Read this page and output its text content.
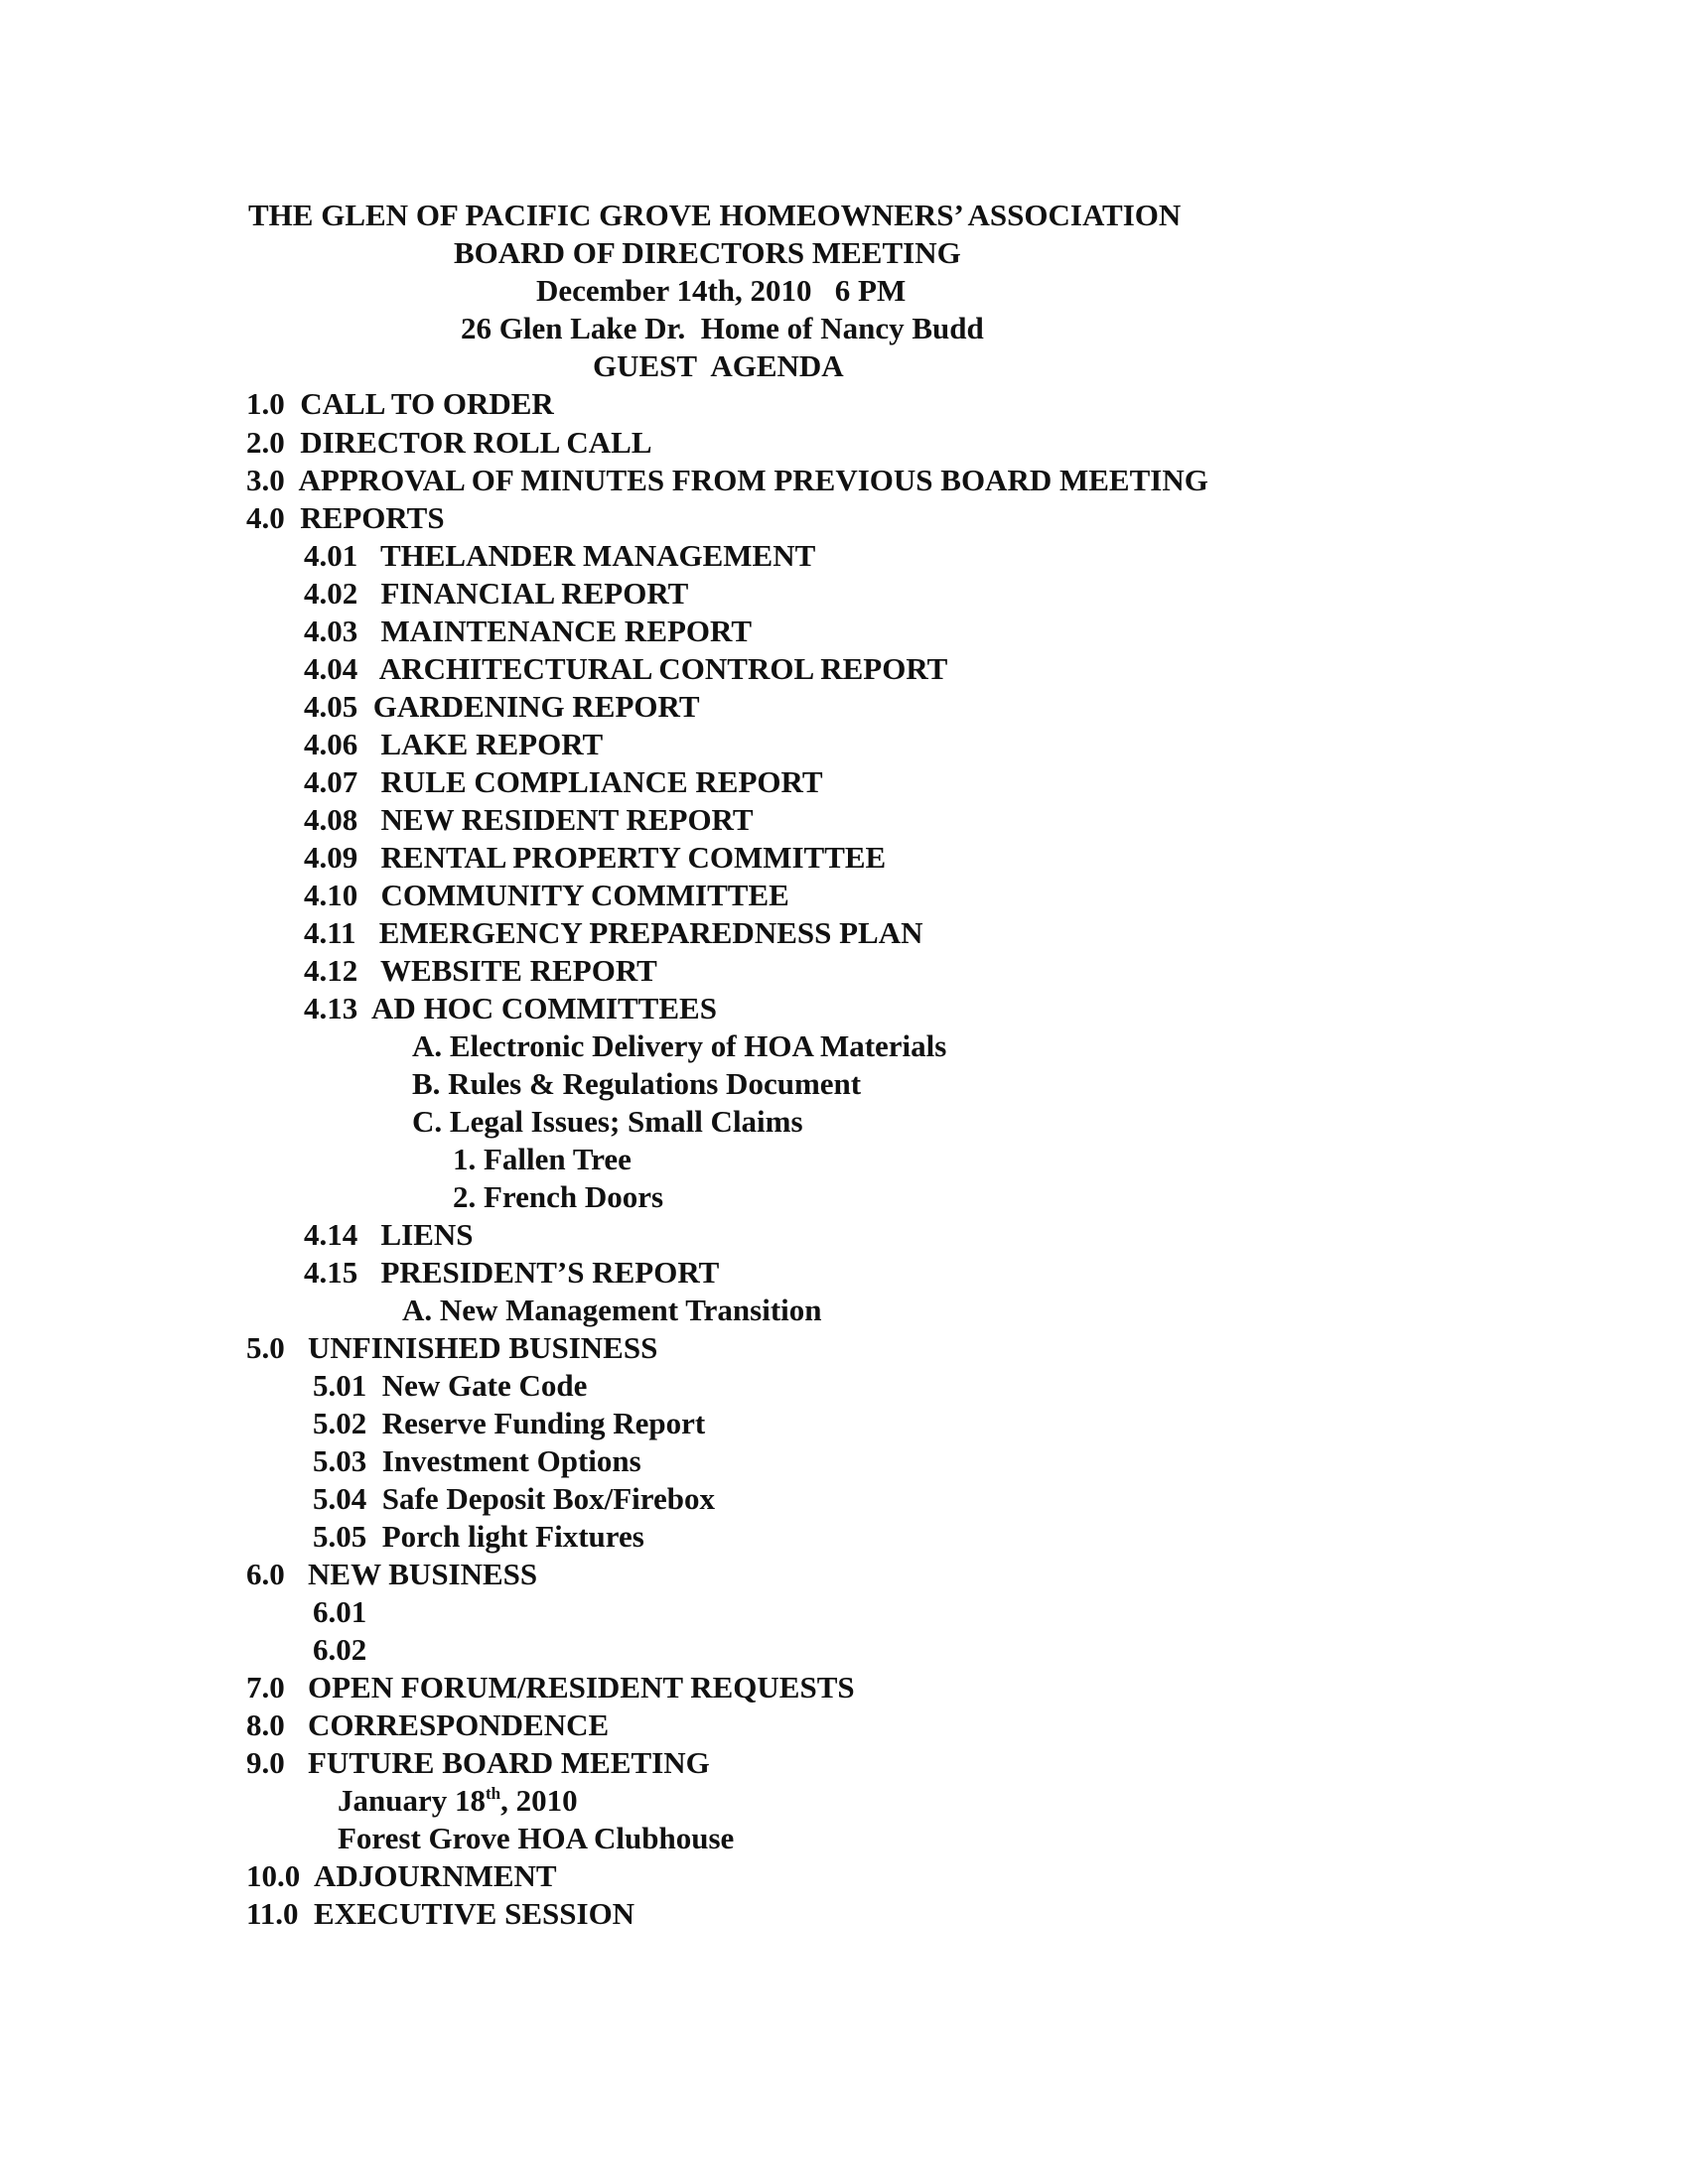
THE GLEN OF PACIFIC GROVE HOMEOWNERS’ ASSOCIATION
BOARD OF DIRECTORS MEETING
December 14th, 2010   6 PM
26 Glen Lake Dr.  Home of Nancy Budd
GUEST  AGENDA
1.0  CALL TO ORDER
2.0  DIRECTOR ROLL CALL
3.0  APPROVAL OF MINUTES FROM PREVIOUS BOARD MEETING
4.0  REPORTS
4.01   THELANDER MANAGEMENT
4.02   FINANCIAL REPORT
4.03   MAINTENANCE REPORT
4.04   ARCHITECTURAL CONTROL REPORT
4.05  GARDENING REPORT
4.06   LAKE REPORT
4.07   RULE COMPLIANCE REPORT
4.08   NEW RESIDENT REPORT
4.09   RENTAL PROPERTY COMMITTEE
4.10   COMMUNITY COMMITTEE
4.11   EMERGENCY PREPAREDNESS PLAN
4.12   WEBSITE REPORT
4.13  AD HOC COMMITTEES
A. Electronic Delivery of HOA Materials
B. Rules & Regulations Document
C. Legal Issues; Small Claims
1. Fallen Tree
2. French Doors
4.14   LIENS
4.15   PRESIDENT’S REPORT
A. New Management Transition
5.0   UNFINISHED BUSINESS
5.01  New Gate Code
5.02  Reserve Funding Report
5.03  Investment Options
5.04  Safe Deposit Box/Firebox
5.05  Porch light Fixtures
6.0   NEW BUSINESS
6.01
6.02
7.0   OPEN FORUM/RESIDENT REQUESTS
8.0   CORRESPONDENCE
9.0   FUTURE BOARD MEETING
January 18th, 2010
Forest Grove HOA Clubhouse
10.0  ADJOURNMENT
11.0  EXECUTIVE SESSION
